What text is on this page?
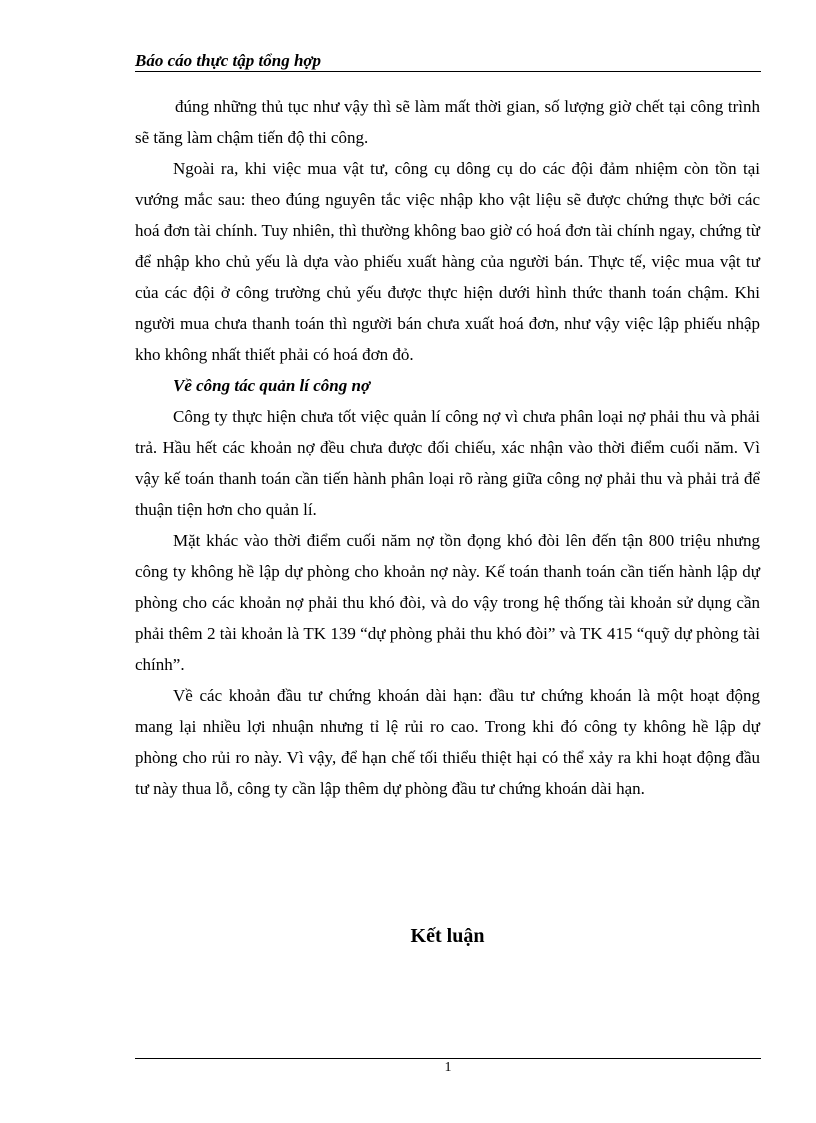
Báo cáo thực tập tổng hợp

đúng những thủ tục như vậy thì sẽ làm mất thời gian, số lượng giờ chết tại công trình sẽ tăng làm chậm tiến độ thi công.

Ngoài ra, khi việc mua vật tư, công cụ dông cụ do các đội đảm nhiệm còn tồn tại vướng mắc sau: theo đúng nguyên tắc việc nhập kho vật liệu sẽ được chứng thực bởi các hoá đơn tài chính. Tuy nhiên, thì thường không bao giờ có hoá đơn tài chính ngay, chứng từ để nhập kho chủ yếu là dựa vào phiếu xuất hàng của người bán. Thực tế, việc mua vật tư của các đội ở công trường chủ yếu được thực hiện dưới hình thức thanh toán chậm. Khi người mua chưa thanh toán thì người bán chưa xuất hoá đơn, như vậy việc lập phiếu nhập kho không nhất thiết phải có hoá đơn đỏ.

Về công tác quản lí công nợ

Công ty thực hiện chưa tốt việc quản lí công nợ vì chưa phân loại nợ phải thu và phải trả. Hầu hết các khoản nợ đều chưa được đối chiếu, xác nhận vào thời điểm cuối năm. Vì vậy kế toán thanh toán cần tiến hành phân loại rõ ràng giữa công nợ phải thu và phải trả để thuận tiện hơn cho quản lí.

Mặt khác vào thời điểm cuối năm nợ tồn đọng khó đòi lên đến tận 800 triệu nhưng công ty không hề lập dự phòng cho khoản nợ này. Kế toán thanh toán cần tiến hành lập dự phòng cho các khoản nợ phải thu khó đòi, và do vậy trong hệ thống tài khoản sử dụng cần phải thêm 2 tài khoản là TK 139 “dự phòng phải thu khó đòi” và TK 415 “quỹ dự phòng tài chính”.

Về các khoản đầu tư chứng khoán dài hạn: đầu tư chứng khoán là một hoạt động mang lại nhiều lợi nhuận nhưng tỉ lệ rủi ro cao. Trong khi đó công ty không hề lập dự phòng cho rủi ro này. Vì vậy, để hạn chế tối thiểu thiệt hại có thể xảy ra khi hoạt động đầu tư này thua lỗ, công ty cần lập thêm dự phòng đầu tư chứng khoán dài hạn.

Kết luận
1
